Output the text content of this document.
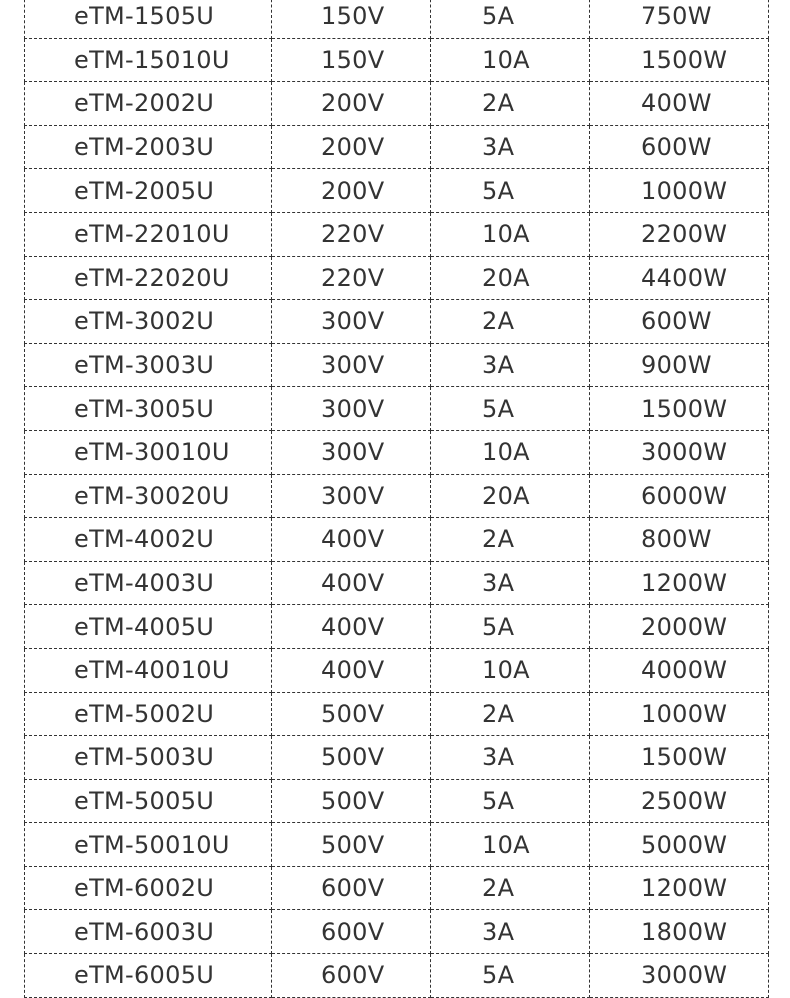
eTM-1505U	150V	5A	750W
eTM-15010U	150V	10A	1500W
eTM-2002U	200V	2A	400W
eTM-2003U	200V	3A	600W
eTM-2005U	200V	5A	1000W
eTM-22010U	220V	10A	2200W
eTM-22020U	220V	20A	4400W
eTM-3002U	300V	2A	600W
eTM-3003U	300V	3A	900W
eTM-3005U	300V	5A	1500W
eTM-30010U	300V	10A	3000W
eTM-30020U	300V	20A	6000W
eTM-4002U	400V	2A	800W
eTM-4003U	400V	3A	1200W
eTM-4005U	400V	5A	2000W
eTM-40010U	400V	10A	4000W
eTM-5002U	500V	2A	1000W
eTM-5003U	500V	3A	1500W
eTM-5005U	500V	5A	2500W
eTM-50010U	500V	10A	5000W
eTM-6002U	600V	2A	1200W
eTM-6003U	600V	3A	1800W
eTM-6005U	600V	5A	3000W
